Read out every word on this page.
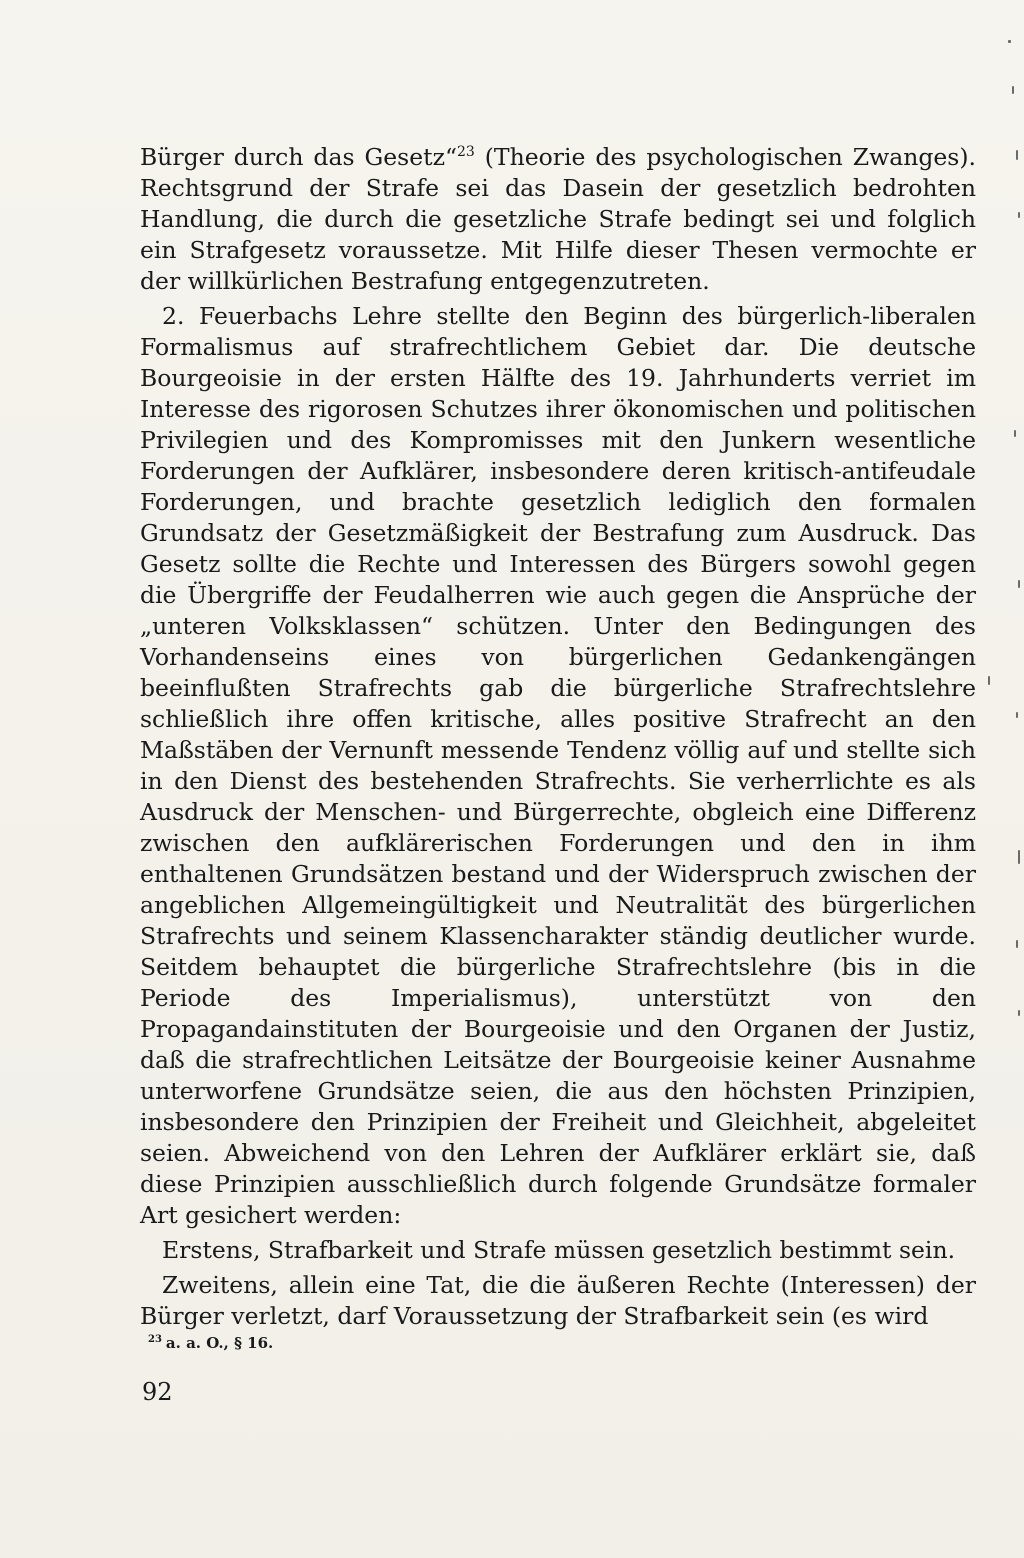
Bürger durch das Gesetz“$^{23}$ (Theorie des psychologischen Zwanges). Rechtsgrund der Strafe sei das Dasein der gesetzlich bedrohten Handlung, die durch die gesetzliche Strafe bedingt sei und folglich ein Strafgesetz voraussetze. Mit Hilfe dieser Thesen vermochte er der willkürlichen Bestrafung entgegenzutreten.

2. Feuerbachs Lehre stellte den Beginn des bürgerlich-liberalen Formalismus auf strafrechtlichem Gebiet dar. Die deutsche Bourgeoisie in der ersten Hälfte des 19. Jahrhunderts verriet im Interesse des rigorosen Schutzes ihrer ökonomischen und politischen Privilegien und des Kompromisses mit den Junkern wesentliche Forderungen der Aufklärer, insbesondere deren kritisch-antifeudale Forderungen, und brachte gesetzlich lediglich den formalen Grundsatz der Gesetzmäßigkeit der Bestrafung zum Ausdruck. Das Gesetz sollte die Rechte und Interessen des Bürgers sowohl gegen die Übergriffe der Feudalherren wie auch gegen die Ansprüche der „unteren Volksklassen“ schützen. Unter den Bedingungen des Vorhandenseins eines von bürgerlichen Gedankengängen beeinflußten Strafrechts gab die bürgerliche Strafrechtslehre schließlich ihre offen kritische, alles positive Strafrecht an den Maßstäben der Vernunft messende Tendenz völlig auf und stellte sich in den Dienst des bestehenden Strafrechts. Sie verherrlichte es als Ausdruck der Menschen- und Bürgerrechte, obgleich eine Differenz zwischen den aufklärerischen Forderungen und den in ihm enthaltenen Grundsätzen bestand und der Widerspruch zwischen der angeblichen Allgemeingültigkeit und Neutralität des bürgerlichen Strafrechts und seinem Klassencharakter ständig deutlicher wurde. Seitdem behauptet die bürgerliche Strafrechtslehre (bis in die Periode des Imperialismus), unterstützt von den Propagandainstituten der Bourgeoisie und den Organen der Justiz, daß die strafrechtlichen Leitsätze der Bourgeoisie keiner Ausnahme unterworfene Grundsätze seien, die aus den höchsten Prinzipien, insbesondere den Prinzipien der Freiheit und Gleichheit, abgeleitet seien. Abweichend von den Lehren der Aufklärer erklärt sie, daß diese Prinzipien ausschließlich durch folgende Grundsätze formaler Art gesichert werden:

Erstens, Strafbarkeit und Strafe müssen gesetzlich bestimmt sein.

Zweitens, allein eine Tat, die die äußeren Rechte (Interessen) der Bürger verletzt, darf Voraussetzung der Strafbarkeit sein (es wird

$^{23}$ a. a. O., § 16.
92
